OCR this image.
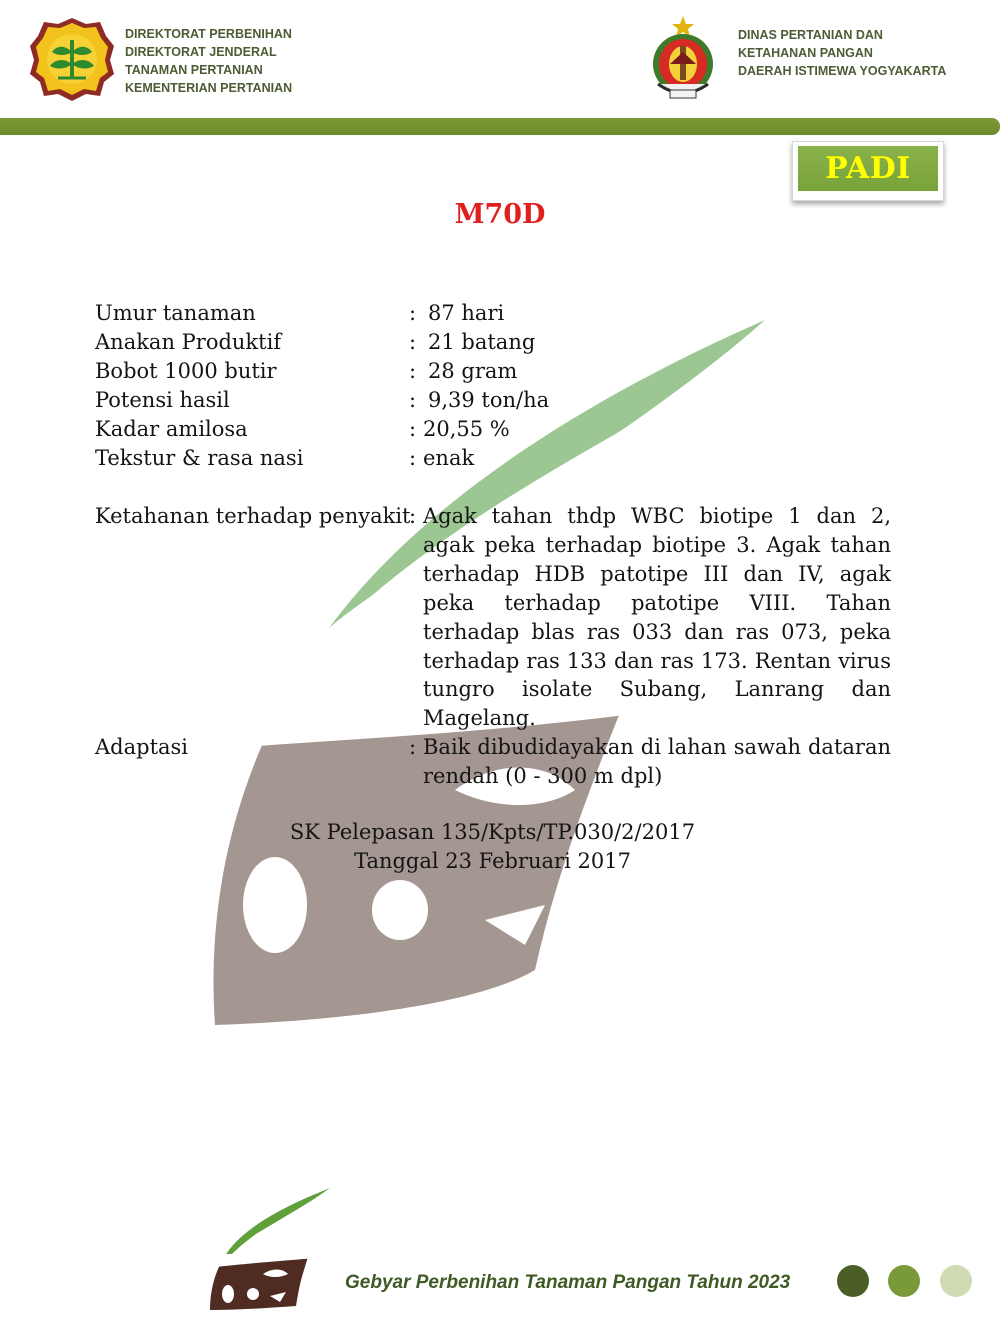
DIREKTORAT PERBENIHAN
DIREKTORAT JENDERAL
TANAMAN PERTANIAN
KEMENTERIAN PERTANIAN
DINAS PERTANIAN DAN
KETAHANAN PANGAN
DAERAH ISTIMEWA YOGYAKARTA
PADI
M70D
Umur tanaman	: 87 hari
Anakan Produktif	: 21 batang
Bobot 1000 butir	: 28 gram
Potensi hasil	: 9,39 ton/ha
Kadar amilosa	: 20,55 %
Tekstur & rasa nasi	: enak
Ketahanan terhadap penyakit
: Agak tahan thdp WBC biotipe 1 dan 2, agak peka terhadap biotipe 3. Agak tahan terhadap HDB patotipe III dan IV, agak peka terhadap patotipe VIII. Tahan terhadap blas ras 033 dan ras 073, peka terhadap ras 133 dan ras 173. Rentan virus tungro isolate Subang, Lanrang dan Magelang.
Adaptasi	: Baik dibudidayakan di lahan sawah dataran rendah (0 - 300 m dpl)
SK Pelepasan 135/Kpts/TP.030/2/2017
Tanggal 23 Februari 2017
Gebyar Perbenihan Tanaman Pangan Tahun 2023
